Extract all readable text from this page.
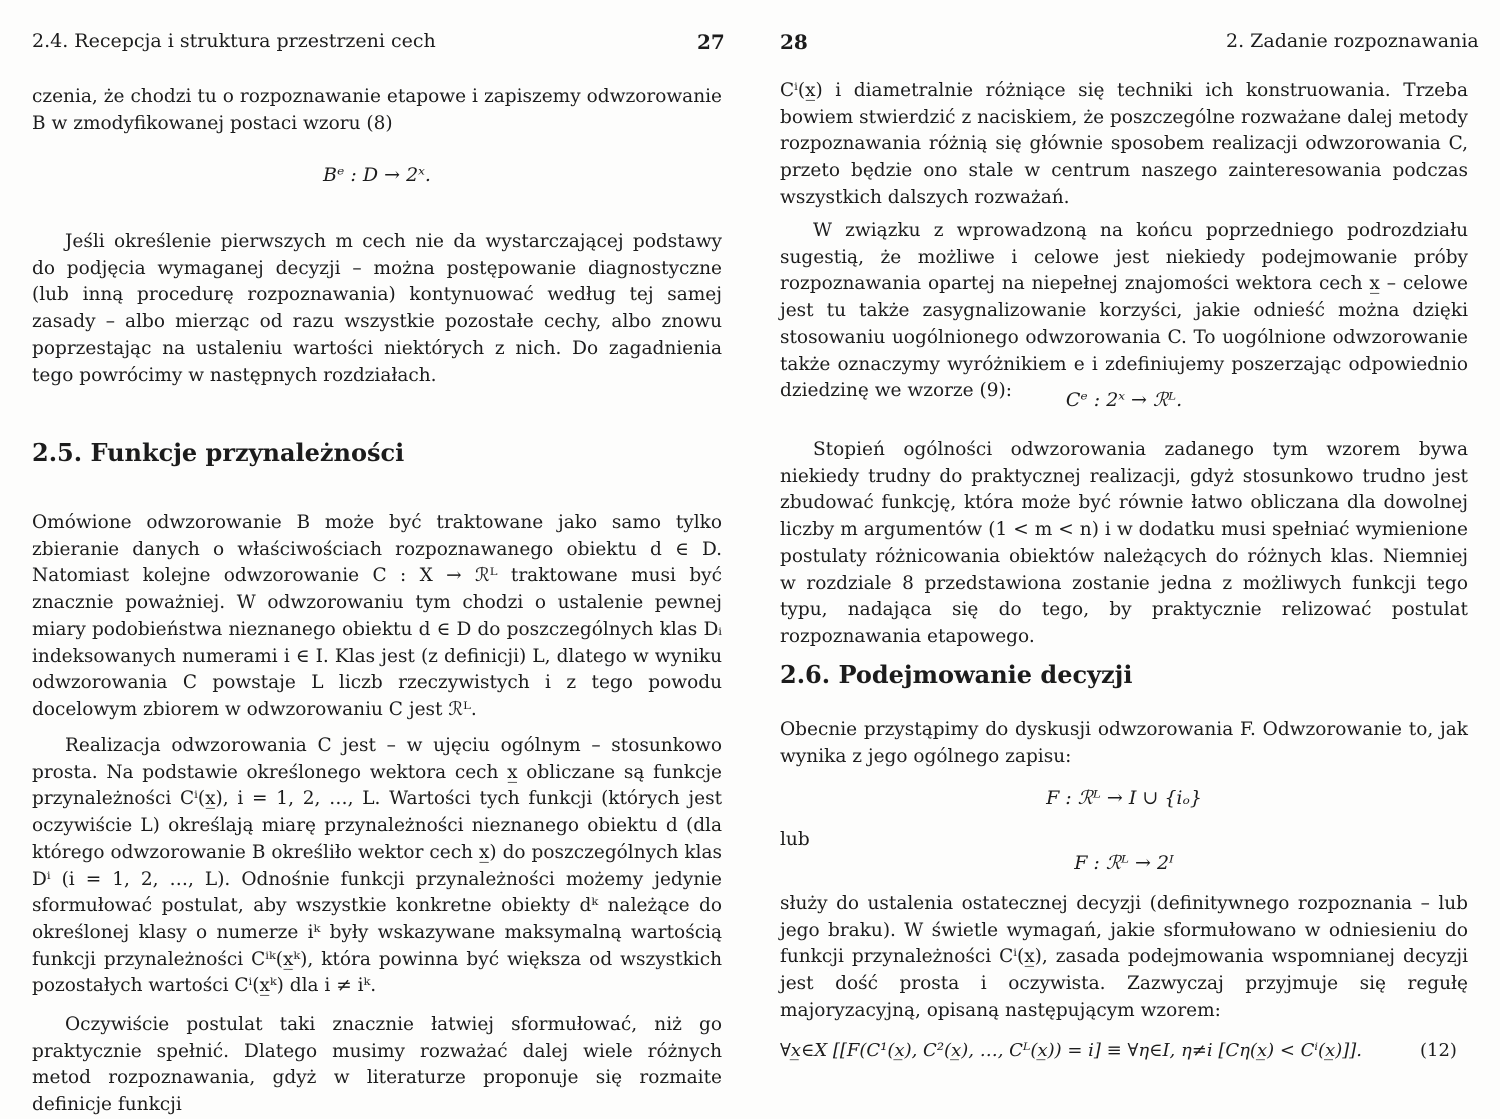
2.4. Recepcja i struktura przestrzeni cech	27

czenia, że chodzi tu o rozpoznawanie etapowe i zapiszemy odwzorowanie B w zmodyfikowanej postaci wzoru (8)

Bᵉ : D → 2ˣ.

Jeśli określenie pierwszych m cech nie da wystarczającej podstawy do podjęcia wymaganej decyzji – można postępowanie diagnostyczne (lub inną procedurę rozpoznawania) kontynuować według tej samej zasady – albo mierząc od razu wszystkie pozostałe cechy, albo znowu poprzestając na ustaleniu wartości niektórych z nich. Do zagadnienia tego powrócimy w następnych rozdziałach.

2.5. Funkcje przynależności

Omówione odwzorowanie B może być traktowane jako samo tylko zbieranie danych o właściwościach rozpoznawanego obiektu d ∈ D. Natomiast kolejne odwzorowanie C : X → ℛᴸ traktowane musi być znacznie poważniej. W odwzorowaniu tym chodzi o ustalenie pewnej miary podobieństwa nieznanego obiektu d ∈ D do poszczególnych klas Dᵢ indeksowanych numerami i ∈ I. Klas jest (z definicji) L, dlatego w wyniku odwzorowania C powstaje L liczb rzeczywistych i z tego powodu docelowym zbiorem w odwzorowaniu C jest ℛᴸ.

Realizacja odwzorowania C jest – w ujęciu ogólnym – stosunkowo prosta. Na podstawie określonego wektora cech x̲ obliczane są funkcje przynależności Cⁱ(x̲), i = 1, 2, …, L. Wartości tych funkcji (których jest oczywiście L) określają miarę przynależności nieznanego obiektu d (dla którego odwzorowanie B określiło wektor cech x̲) do poszczególnych klas Dⁱ (i = 1, 2, …, L). Odnośnie funkcji przynależności możemy jedynie sformułować postulat, aby wszystkie konkretne obiekty dᵏ należące do określonej klasy o numerze iᵏ były wskazywane maksymalną wartością funkcji przynależności Cⁱᵏ(x̲ᵏ), która powinna być większa od wszystkich pozostałych wartości Cⁱ(x̲ᵏ) dla i ≠ iᵏ.

Oczywiście postulat taki znacznie łatwiej sformułować, niż go praktycznie spełnić. Dlatego musimy rozważać dalej wiele różnych metod rozpoznawania, gdyż w literaturze proponuje się rozmaite definicje funkcji

28	2. Zadanie rozpoznawania

Cⁱ(x̲) i diametralnie różniące się techniki ich konstruowania. Trzeba bowiem stwierdzić z naciskiem, że poszczególne rozważane dalej metody rozpoznawania różnią się głównie sposobem realizacji odwzorowania C, przeto będzie ono stale w centrum naszego zainteresowania podczas wszystkich dalszych rozważań.

W związku z wprowadzoną na końcu poprzedniego podrozdziału sugestią, że możliwe i celowe jest niekiedy podejmowanie próby rozpoznawania opartej na niepełnej znajomości wektora cech x̲ – celowe jest tu także zasygnalizowanie korzyści, jakie odnieść można dzięki stosowaniu uogólnionego odwzorowania C. To uogólnione odwzorowanie także oznaczymy wyróżnikiem e i zdefiniujemy poszerzając odpowiednio dziedzinę we wzorze (9):	Cᵉ : 2ˣ → ℛᴸ.

Stopień ogólności odwzorowania zadanego tym wzorem bywa niekiedy trudny do praktycznej realizacji, gdyż stosunkowo trudno jest zbudować funkcję, która może być równie łatwo obliczana dla dowolnej liczby m argumentów (1 < m < n) i w dodatku musi spełniać wymienione postulaty różnicowania obiektów należących do różnych klas. Niemniej w rozdziale 8 przedstawiona zostanie jedna z możliwych funkcji tego typu, nadająca się do tego, by praktycznie relizować postulat rozpoznawania etapowego.

2.6. Podejmowanie decyzji

Obecnie przystąpimy do dyskusji odwzorowania F. Odwzorowanie to, jak wynika z jego ogólnego zapisu:

F : ℛᴸ → I ∪ {iₒ}
lub
F : ℛᴸ → 2ᴵ

służy do ustalenia ostatecznej decyzji (definitywnego rozpoznania – lub jego braku). W świetle wymagań, jakie sformułowano w odniesieniu do funkcji przynależności Cⁱ(x̲), zasada podejmowania wspomnianej decyzji jest dość prosta i oczywista. Zazwyczaj przyjmuje się regułę majoryzacyjną, opisaną następującym wzorem:

∀x̲∈X [[F(C¹(x̲), C²(x̲), …, Cᴸ(x̲)) = i] ≡ ∀η∈I, η≠i [Cη(x̲) < Cⁱ(x̲)]].	(12)
